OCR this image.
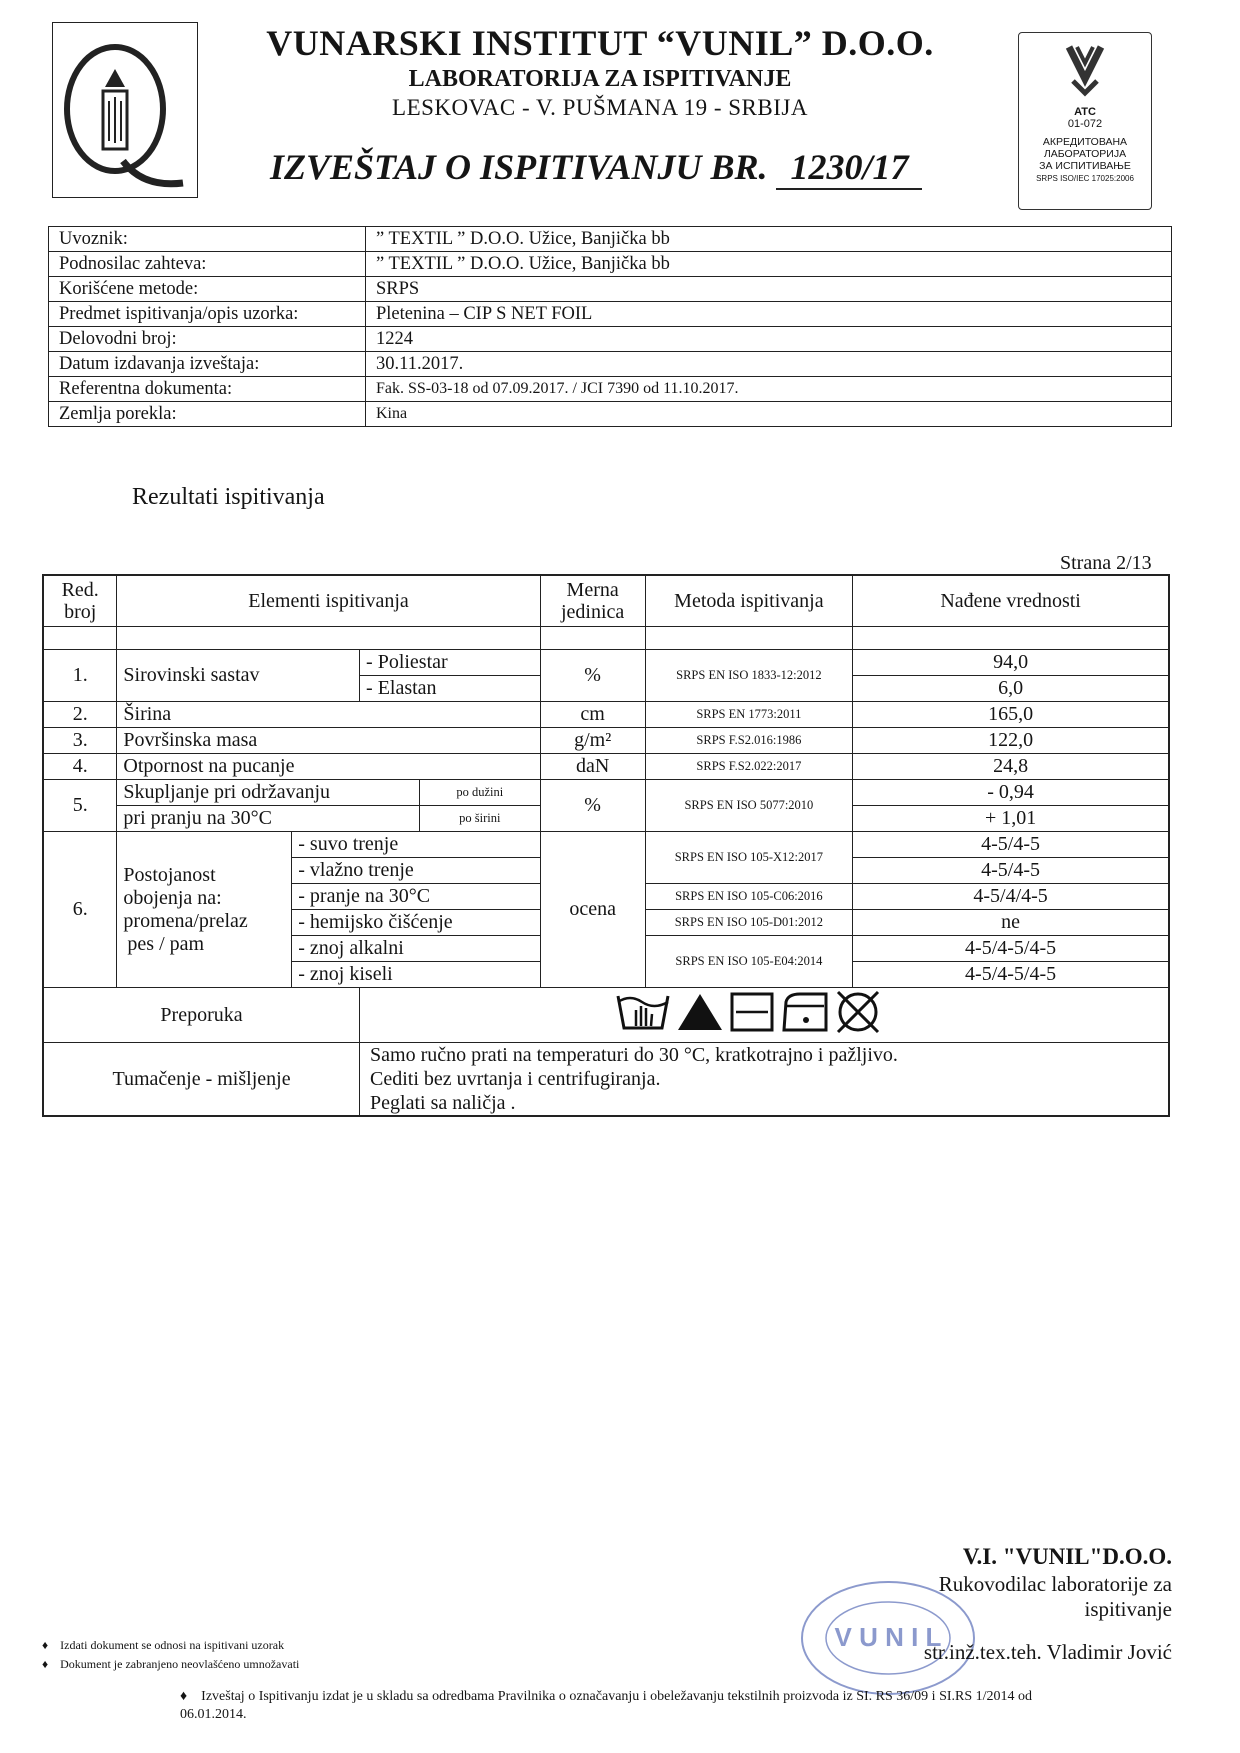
VUNARSKI INSTITUT “VUNIL” D.O.O.
LABORATORIJA ZA ISPITIVANJE
LESKOVAC - V. PUŠMANA 19 - SRBIJA
IZVEŠTAJ O ISPITIVANJU BR. 1230/17
ATC
01-072
АКРЕДИТОВАНА
ЛАБОРАТОРИЈА
ЗА ИСПИТИВАЊЕ
SRPS ISO/IEC 17025:2006
Uvoznik:	” TEXTIL ” D.O.O. Užice, Banjička bb
Podnosilac zahteva:	” TEXTIL ” D.O.O. Užice, Banjička bb
Korišćene metode:	SRPS
Predmet ispitivanja/opis uzorka:	Pletenina – CIP S NET FOIL
Delovodni broj:	1224
Datum izdavanja izveštaja:	30.11.2017.
Referentna dokumenta:	Fak. SS-03-18 od 07.09.2017. / JCI 7390 od 11.10.2017.
Zemlja porekla:	Kina
Rezultati ispitivanja
Strana 2/13
Red. broj	Elementi ispitivanja				Merna jedinica	Metoda ispitivanja	Nađene vrednosti

1.	Sirovinski sastav		- Poliestar		%	SRPS EN ISO 1833-12:2012	94,0
			- Elastan				6,0
2.	Širina				cm	SRPS EN 1773:2011	165,0
3.	Površinska masa				g/m²	SRPS F.S2.016:1986	122,0
4.	Otpornost na pucanje				daN	SRPS F.S2.022:2017	24,8
5.	Skupljanje pri održavanju			po dužini	%	SRPS EN ISO 5077:2010	- 0,94
	pri pranju na 30°C			po širini			+ 1,01
6.	Postojanost
obojenja na:
promena/prelaz
pes / pam	- suvo trenje			ocena	SRPS EN ISO 105-X12:2017	4-5/4-5
		- vlažno trenje					4-5/4-5
		- pranje na 30°C				SRPS EN ISO 105-C06:2016	4-5/4/4-5
		- hemijsko čišćenje				SRPS EN ISO 105-D01:2012	ne
		- znoj alkalni				SRPS EN ISO 105-E04:2014	4-5/4-5/4-5
		- znoj kiseli					4-5/4-5/4-5
Preporuka	
Tumačenje - mišljenje			Samo ručno prati na temperaturi do 30 °C, kratkotrajno i pažljivo.
Cediti bez uvrtanja i centrifugiranja.
Peglati sa naličja .				
V U N I L
V.I. "VUNIL"D.O.O.
Rukovodilac laboratorije za ispitivanje
str.inž.tex.teh. Vladimir Jović
♦ Izdati dokument se odnosi na ispitivani uzorak
♦ Dokument je zabranjeno neovlašćeno umnožavati
♦ Izveštaj o Ispitivanju izdat je u skladu sa odredbama Pravilnika o označavanju i obeležavanju tekstilnih proizvoda iz SI. RS 36/09 i SI.RS 1/2014 od 06.01.2014.
